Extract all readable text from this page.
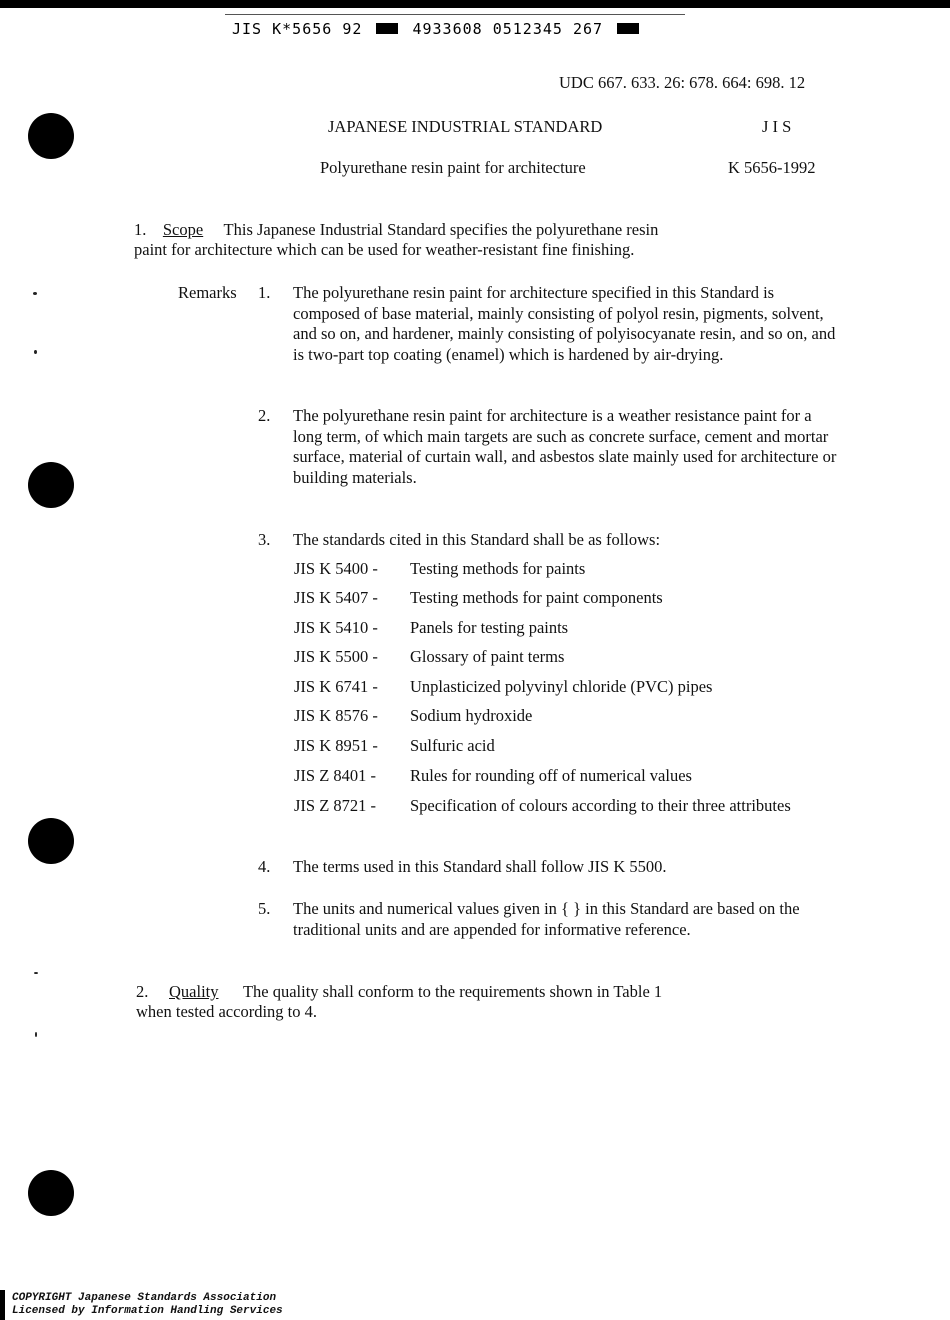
JIS K*5656 92	4933608 0512345 267
UDC 667. 633. 26: 678. 664: 698. 12
JAPANESE INDUSTRIAL STANDARD	J I S
Polyurethane resin paint for architecture	K 5656-1992
1. Scope This Japanese Industrial Standard specifies the polyurethane resin
paint for architecture which can be used for weather-resistant fine finishing.
Remarks 1. The polyurethane resin paint for architecture specified in this Standard is composed of base material, mainly consisting of polyol resin, pigments, solvent, and so on, and hardener, mainly consisting of polyisocyanate resin, and so on, and is two-part top coating (enamel) which is hardened by air-drying.
2. The polyurethane resin paint for architecture is a weather resistance paint for a long term, of which main targets are such as concrete surface, cement and mortar surface, material of curtain wall, and asbestos slate mainly used for architecture or building materials.
3. The standards cited in this Standard shall be as follows:
JIS K 5400 - Testing methods for paints
JIS K 5407 - Testing methods for paint components
JIS K 5410 - Panels for testing paints
JIS K 5500 - Glossary of paint terms
JIS K 6741 - Unplasticized polyvinyl chloride (PVC) pipes
JIS K 8576 - Sodium hydroxide
JIS K 8951 - Sulfuric acid
JIS Z 8401 - Rules for rounding off of numerical values
JIS Z 8721 - Specification of colours according to their three attributes
4. The terms used in this Standard shall follow JIS K 5500.
5. The units and numerical values given in { } in this Standard are based on the traditional units and are appended for informative reference.
2. Quality The quality shall conform to the requirements shown in Table 1
when tested according to 4.
COPYRIGHT Japanese Standards Association
Licensed by Information Handling Services
